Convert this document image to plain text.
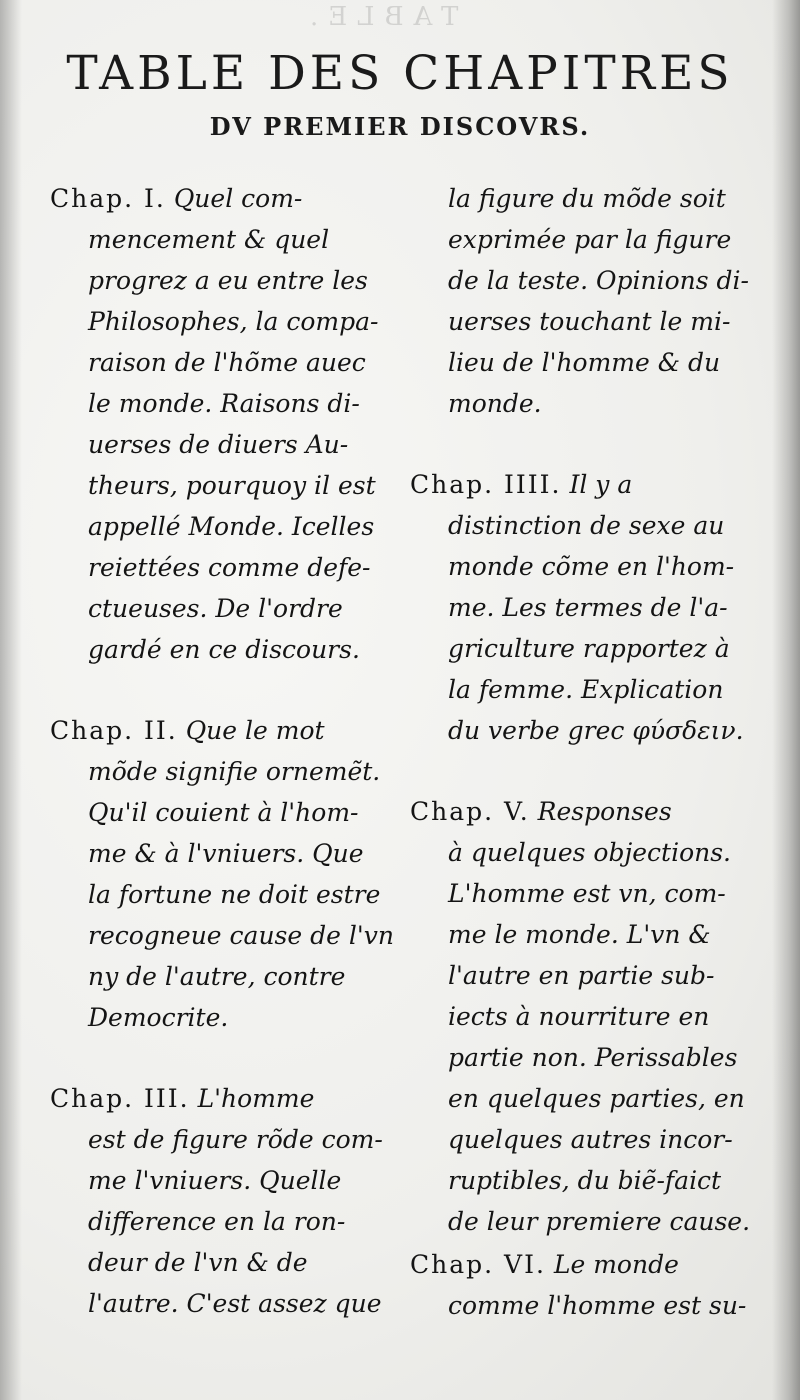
TABLE.
TABLE DES CHAPITRES
DV PREMIER DISCOVRS.
Chap. I. Quel com-
mencement & quel
progrez a eu entre les
Philosophes, la compa-
raison de l'hõme auec
le monde. Raisons di-
uerses de diuers Au-
theurs, pourquoy il est
appellé Monde. Icelles
reiettées comme defe-
ctueuses. De l'ordre
gardé en ce discours.
Chap. II. Que le mot
mõde signifie ornemẽt.
Qu'il couient à l'hom-
me & à l'vniuers. Que
la fortune ne doit estre
recogneue cause de l'vn
ny de l'autre, contre
Democrite.
Chap. III. L'homme
est de figure rõde com-
me l'vniuers. Quelle
difference en la ron-
deur de l'vn & de
l'autre. C'est assez que
la figure du mõde soit
exprimée par la figure
de la teste. Opinions di-
uerses touchant le mi-
lieu de l'homme & du
monde.
Chap. IIII. Il y a
distinction de sexe au
monde cõme en l'hom-
me. Les termes de l'a-
griculture rapportez à
la femme. Explication
du verbe grec φύσδειν.
Chap. V. Responses
à quelques objections.
L'homme est vn, com-
me le monde. L'vn &
l'autre en partie sub-
iects à nourriture en
partie non. Perissables
en quelques parties, en
quelques autres incor-
ruptibles, du biẽ-faict
de leur premiere cause.
Chap. VI. Le monde
comme l'homme est su-
